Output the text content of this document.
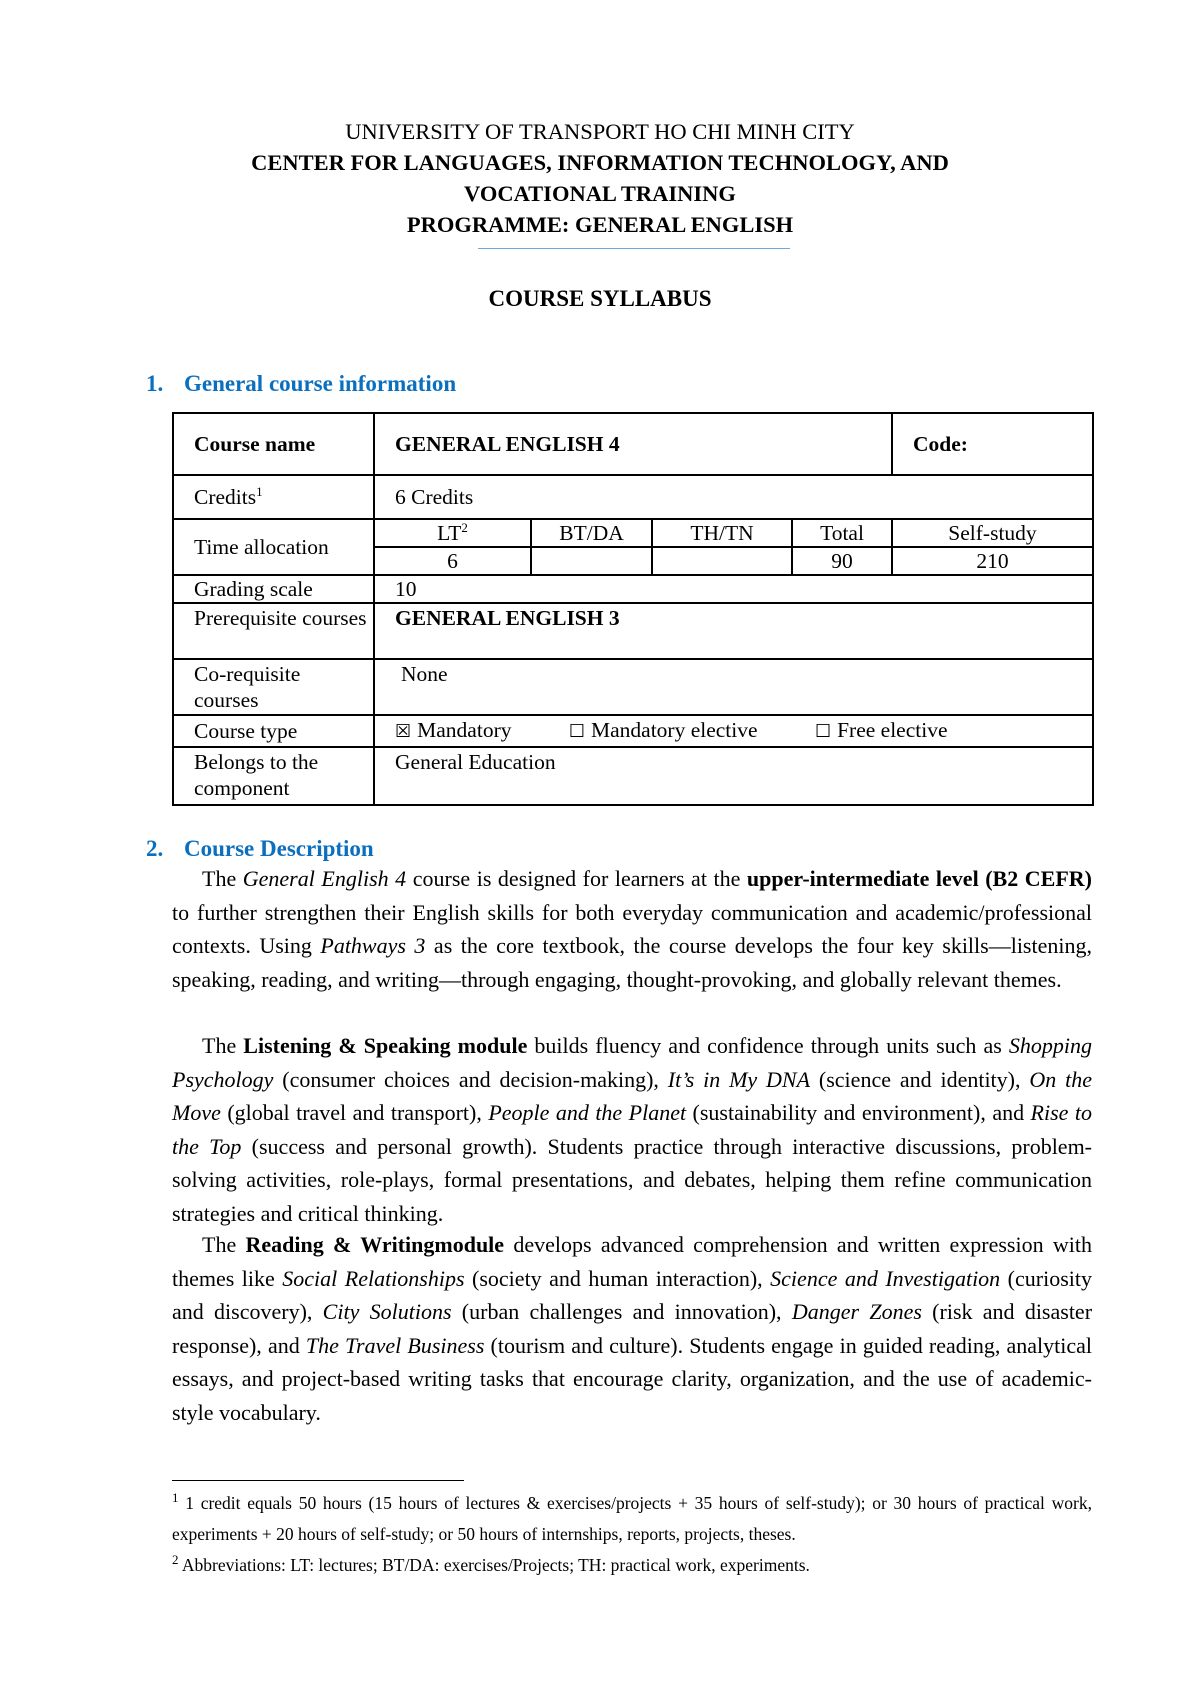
UNIVERSITY OF TRANSPORT HO CHI MINH CITY
CENTER FOR LANGUAGES, INFORMATION TECHNOLOGY, AND
VOCATIONAL TRAINING
PROGRAMME: GENERAL ENGLISH
COURSE SYLLABUS
1. General course information
Course name	GENERAL ENGLISH 4				Code:
Credits$^1$	6 Credits				
Time allocation	$LT^2$	BT/DA	TH/TN	Total	Self-study
	6			90	210
Grading scale	10				
Prerequisite courses	GENERAL ENGLISH 3				
Co-requisite courses	None				
Course type	☒ Mandatory ☐ Mandatory elective ☐ Free elective				
Belongs to the component	General Education				
2. Course Description
The General English 4 course is designed for learners at the upper-intermediate level (B2 CEFR) to further strengthen their English skills for both everyday communication and academic/professional contexts. Using Pathways 3 as the core textbook, the course develops the four key skills—listening, speaking, reading, and writing—through engaging, thought-provoking, and globally relevant themes.
The Listening & Speaking module builds fluency and confidence through units such as Shopping Psychology (consumer choices and decision-making), It’s in My DNA (science and identity), On the Move (global travel and transport), People and the Planet (sustainability and environment), and Rise to the Top (success and personal growth). Students practice through interactive discussions, problem-solving activities, role-plays, formal presentations, and debates, helping them refine communication strategies and critical thinking.
The Reading & Writingmodule develops advanced comprehension and written expression with themes like Social Relationships (society and human interaction), Science and Investigation (curiosity and discovery), City Solutions (urban challenges and innovation), Danger Zones (risk and disaster response), and The Travel Business (tourism and culture). Students engage in guided reading, analytical essays, and project-based writing tasks that encourage clarity, organization, and the use of academic-style vocabulary.
$^1$ 1 credit equals 50 hours (15 hours of lectures & exercises/projects + 35 hours of self-study); or 30 hours of practical work, experiments + 20 hours of self-study; or 50 hours of internships, reports, projects, theses.
$^2$ Abbreviations: LT: lectures; BT/DA: exercises/Projects; TH: practical work, experiments.
